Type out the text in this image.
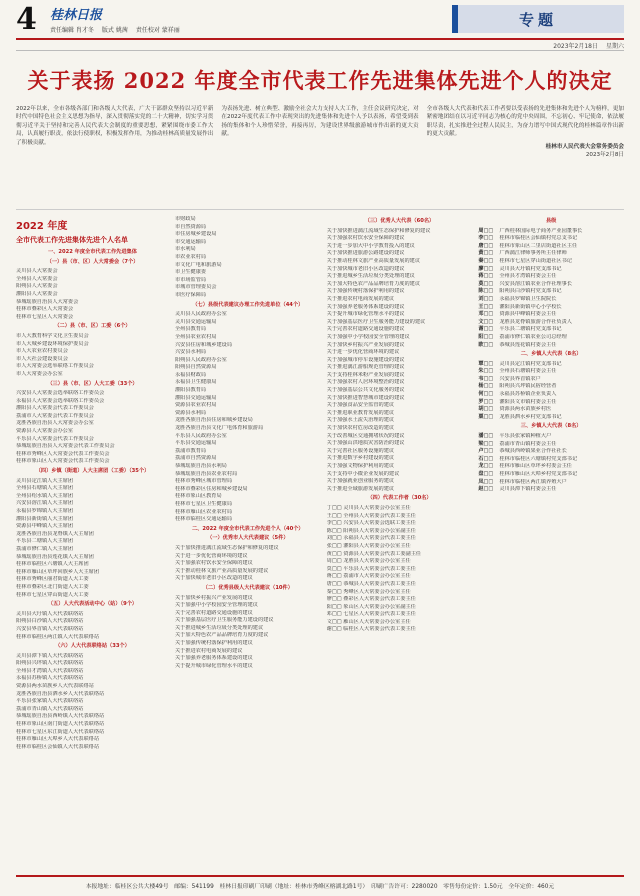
4	桂林日报
责任编辑 肖才冬 版式 姚茜 责任校对 蒙祥丽
专题
2023年2月18日 星期六
关于表扬 2022 年度全市代表工作先进集体先进个人的决定

2022年以来，全市各级各部门和各级人大代表，广大干部群众坚持以习近平新时代中国特色社会主义思想为指导，深入贯彻落实党的二十大精神，切实学习贯彻习近平关于坚持和完善人民代表大会制度的重要思想，紧紧围绕市委工作大局，认真履行职责，依法行使职权，积极发挥作用，为推动桂林高质量发展作出了积极贡献。

为表扬先进、树立典型、激励全社会大力支持人大工作，主任会议研究决定，对在2022年度代表工作中表现突出的先进集体和先进个人予以表扬，希望受到表扬的集体和个人珍惜荣誉，再接再厉，为建设世界级旅游城市作出新的更大贡献。

全市各级人大代表和代表工作者要以受表扬的先进集体和先进个人为榜样，更加紧密地团结在以习近平同志为核心的党中央周围，不忘初心、牢记使命，依法履职尽责，扎实推进全过程人民民主，为奋力谱写中国式现代化的桂林篇章作出新的更大贡献。

桂林市人民代表大会常务委员会
2023年2月8日
2022 年度
全市代表工作先进集体先进个人名单
一、2022 年度全市代表工作先进集体
（一）县（市、区）人大常委会（7个）
灵川县人大常委会
全州县人大常委会
阳朔县人大常委会
灌阳县人大常委会
恭城瑶族自治县人大常委会
桂林市叠彩区人大常委会
桂林市七星区人大常委会
（二）县（市、区）工委（6个）
市人大教育科学文化卫生委员会
市人大城乡建设环境保护委员会
市人大农业农村委员会
市人大社会建设委员会
市人大常委会选举联络工作委员会
市人大常委会办公室
（三）县（市、区）人大工委（33个）
兴安县人大常委会选举联络工作委员会
永福县人大常委会选举联络工作委员会
灌阳县人大常委会代表工作委员会
荔浦市人大常委会代表工作委员会
龙胜各族自治县人大常委会办公室
资源县人大常委会办公室
平乐县人大常委会代表工作委员会
恭城瑶族自治县人大常委会代表工作委员会
桂林市秀峰区人大常委会代表工作委员会
桂林市象山区人大常委会代表工作委员会
（四）乡镇（街道）人大主席团（工委）（35个）
灵川县定江镇人大主席团
全州县石塘镇人大主席团
全州县绍水镇人大主席团
兴安县溶江镇人大主席团
永福县罗锦镇人大主席团
灌阳县新街镇人大主席团
资源县中峰镇人大主席团
龙胜各族自治县龙脊镇人大主席团
平乐县二塘镇人大主席团
荔浦市修仁镇人大主席团
恭城瑶族自治县莲花镇人大主席团
桂林市临桂区六塘镇人大主席团
桂林市雁山区草坪回族乡人大主席团
桂林市秀峰区丽君街道人大工委
桂林市叠彩区北门街道人大工委
桂林市七星区穿山街道人大工委
（五）人大代表活动中心（站）（9个）
灵川县大圩镇人大代表联络站
阳朔县白沙镇人大代表联络站
兴安县界首镇人大代表联络站
桂林市临桂区两江镇人大代表联络站
（六）人大代表联络站（33个）
灵川县潭下镇人大代表联络站
阳朔县兴坪镇人大代表联络站
全州县才湾镇人大代表联络站
永福县苏桥镇人大代表联络站
资源县两水苗族乡人大代表联络站
龙胜各族自治县泗水乡人大代表联络站
平乐县张家镇人大代表联络站
荔浦市青山镇人大代表联络站
恭城瑶族自治县西岭镇人大代表联络站
桂林市象山区南门街道人大代表联络站
桂林市七星区东江街道人大代表联络站
桂林市雁山区大埠乡人大代表联络站
桂林市临桂区会仙镇人大代表联络站
市财政局
市自然资源局
市住房城乡建设局
市交通运输局
市水利局
市农业农村局
市文化广电和旅游局
市卫生健康委
市市场监管局
市城市管理委员会
市医疗保障局
（七）县级代表建议办理工作先进单位（44个）
灵川县人民政府办公室
灵川县交通运输局
全州县教育局
全州县农业农村局
兴安县住房和城乡建设局
兴安县水利局
阳朔县人民政府办公室
阳朔县自然资源局
永福县财政局
永福县卫生健康局
灌阳县教育局
灌阳县交通运输局
资源县农业农村局
资源县水利局
龙胜各族自治县住房和城乡建设局
龙胜各族自治县文化广电体育和旅游局
平乐县人民政府办公室
平乐县交通运输局
荔浦市教育局
荔浦市自然资源局
恭城瑶族自治县水利局
恭城瑶族自治县农业农村局
桂林市秀峰区城市管理局
桂林市叠彩区住房和城乡建设局
桂林市象山区教育局
桂林市七星区卫生健康局
桂林市雁山区农业农村局
桂林市临桂区交通运输局
二、2022 年度全市代表工作先进个人（40个）
（一）优秀市人大代表建议（5件）
关于加快推进漓江流域生态保护和修复的建议
关于进一步优化营商环境的建议
关于加强农村饮水安全保障的建议
关于推动桂林文旅产业高质量发展的建议
关于加快城市老旧小区改造的建议
（二）优秀县级人大代表建议（10件）
关于加快乡村振兴产业发展的建议
关于加强中小学校园安全管理的建议
关于完善农村道路交通设施的建议
关于加强基层医疗卫生服务能力建设的建议
关于推进城乡生活垃圾分类处理的建议
关于加大特色农产品品牌培育力度的建议
关于加强传统村落保护利用的建议
关于推进农村电商发展的建议
关于加强养老服务体系建设的建议
关于提升城市绿化管理水平的建议
（三）优秀人大代表（60名）
关于加快推进漓江流域生态保护和修复的建议
关于加强农村饮水安全保障的建议
关于进一步加大中小学教育投入的建议
关于加快推进旅游公路建设的建议
关于推动桂林文旅产业高质量发展的建议
关于加快城市老旧小区改造的建议
关于推进城乡生活垃圾分类处理的建议
关于加大特色农产品品牌培育力度的建议
关于加强传统村落保护利用的建议
关于推进农村电商发展的建议
关于加强养老服务体系建设的建议
关于提升城市绿化管理水平的建议
关于加强基层医疗卫生服务能力建设的建议
关于完善农村道路交通设施的建议
关于加强中小学校园安全管理的建议
关于加快乡村振兴产业发展的建议
关于进一步优化营商环境的建议
关于加强城市停车设施建设的建议
关于推进漓江游船规范管理的建议
关于支持桂林米粉产业发展的建议
关于加强农村人居环境整治的建议
关于加强基层公共文化服务的建议
关于加快推进智慧城市建设的建议
关于加强食品安全监管的建议
关于推进职业教育发展的建议
关于加强水土流失治理的建议
关于加快农村危房改造的建议
关于改善城区交通拥堵状况的建议
关于加强山洪地质灾害防治的建议
关于完善社区服务设施的建议
关于推进数字乡村建设的建议
关于加强文物保护利用的建议
关于支持中小微企业发展的建议
关于加强就业创业服务的建议
关于推进全域旅游发展的建议
（四）代表工作者（30名）
丁□□ 灵川县人大常委会办公室主任
王□□ 全州县人大常委会代表工委主任
李□□ 兴安县人大常委会选联工委主任
陈□□ 阳朔县人大常委会办公室副主任
刘□□ 永福县人大常委会代表工委主任
张□□ 灌阳县人大常委会办公室主任
黄□□ 资源县人大常委会代表工委副主任
周□□ 龙胜县人大常委会办公室主任
莫□□ 平乐县人大常委会代表工委主任
蒋□□ 荔浦市人大常委会办公室主任
唐□□ 恭城县人大常委会代表工委主任
秦□□ 秀峰区人大常委会办公室主任
廖□□ 叠彩区人大常委会代表工委主任
阳□□ 象山区人大常委会办公室副主任
邓□□ 七星区人大常委会代表工委主任
文□□ 雁山区人大常委会办公室主任
谢□□ 临桂区人大常委会代表工委主任
县级
周□□	广西桂林国际电子商务产业园董事长
李□□	桂林市临桂区会仙镇村党总支书记
唐□□	桂林市象山区二里店街道社区主任
黄□□	广西漓江律师事务所主任律师
秦□□	桂林市七星区穿山街道社区书记
廖□□	灵川县大圩镇村党支部书记
蒋□□	全州县才湾镇村委会主任
莫□□	兴安县溶江镇农业合作社理事长
陈□□	阳朔县白沙镇村党支部书记
刘□□	永福县罗锦镇卫生院院长
王□□	灌阳县新街镇中心小学校长
邓□□	资源县中峰镇村委会主任
文□□	龙胜县龙脊镇旅游合作社负责人
谢□□	平乐县二塘镇村党支部书记
阳□□	荔浦市修仁镇农业公司总经理
欧□□	恭城县莲花镇村委会主任
二、乡镇人大代表（8名）
覃□□	灵川县定江镇村党支部书记
朱□□	全州县石塘镇村委会主任
韦□□	兴安县界首镇农户
杨□□	阳朔县兴坪镇民宿经营者
何□□	永福县苏桥镇企业负责人
罗□□	灌阳县文市镇村委会主任
胡□□	资源县两水苗族乡村医
粟□□	龙胜县泗水乡村党支部书记
三、乡镇人大代表（8名）
潘□□	平乐县张家镇种植大户
梁□□	荔浦市青山镇村委会主任
卢□□	恭城县西岭镇果业合作社社长
石□□	桂林市临桂区六塘镇村党支部书记
龙□□	桂林市雁山区草坪乡村委会主任
盘□□	桂林市雁山区大埠乡村党支部书记
凤□□	桂林市临桂区两江镇养殖大户
赵□□	灵川县潭下镇村委会主任
本报地址：临桂区公共大楼49号　邮编：541199　桂林日报印刷厂印刷（地址：桂林市秀峰区榕湖北路1号）　印刷广告许可：2280020　零售每份定价：1.50元　全年定价：460元
